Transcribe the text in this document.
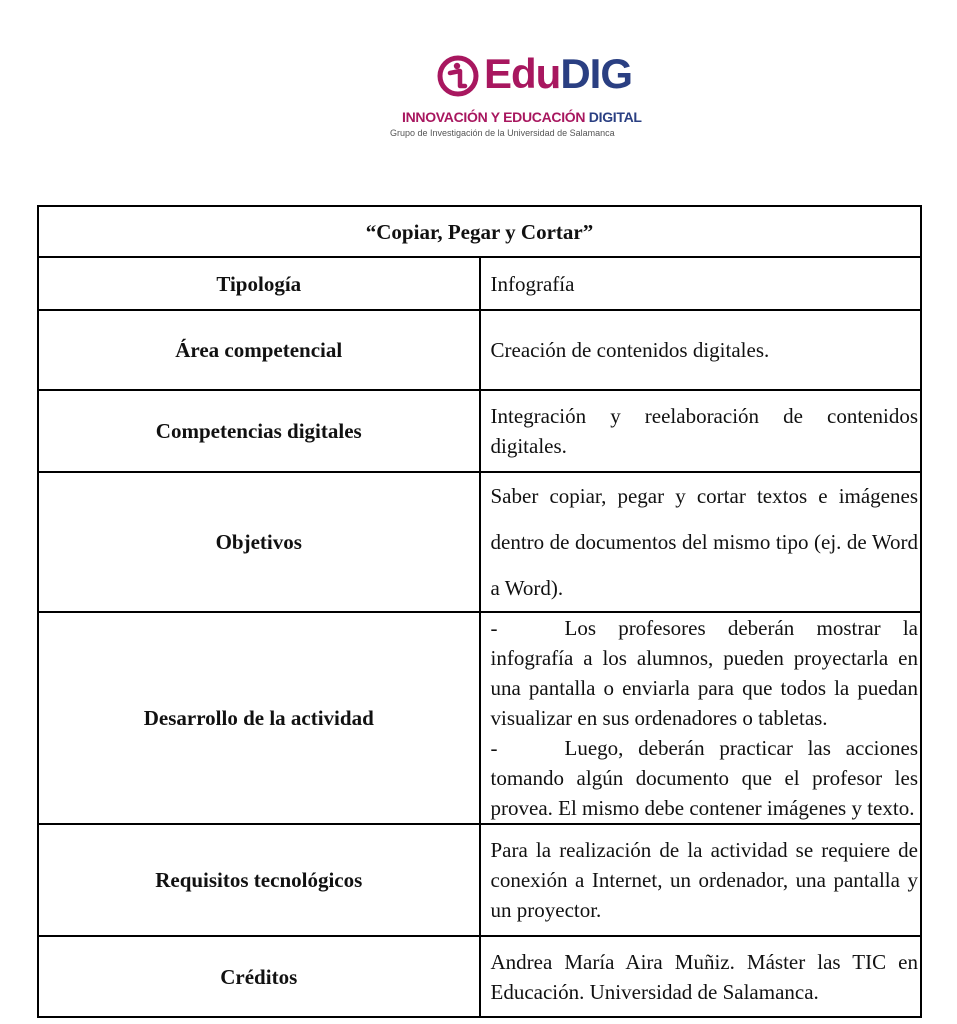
EduDIG
INNOVACIÓN Y EDUCACIÓN DIGITAL
Grupo de Investigación de la Universidad de Salamanca
“Copiar, Pegar y Cortar”	
Tipología	Infografía
Área competencial	Creación de contenidos digitales.
Competencias digitales	Integración y reelaboración de contenidos digitales.
Objetivos	Saber copiar, pegar y cortar textos e imágenes dentro de documentos del mismo tipo (ej. de Word a Word).
Desarrollo de la actividad	- Los profesores deberán mostrar la infografía a los alumnos, pueden proyectarla en una pantalla o enviarla para que todos la puedan visualizar en sus ordenadores o tabletas.
- Luego, deberán practicar las acciones tomando algún documento que el profesor les provea. El mismo debe contener imágenes y texto.

Requisitos tecnológicos	Para la realización de la actividad se requiere de conexión a Internet, un ordenador, una pantalla y un proyector.
Créditos	Andrea María Aira Muñiz. Máster las TIC en Educación. Universidad de Salamanca.
